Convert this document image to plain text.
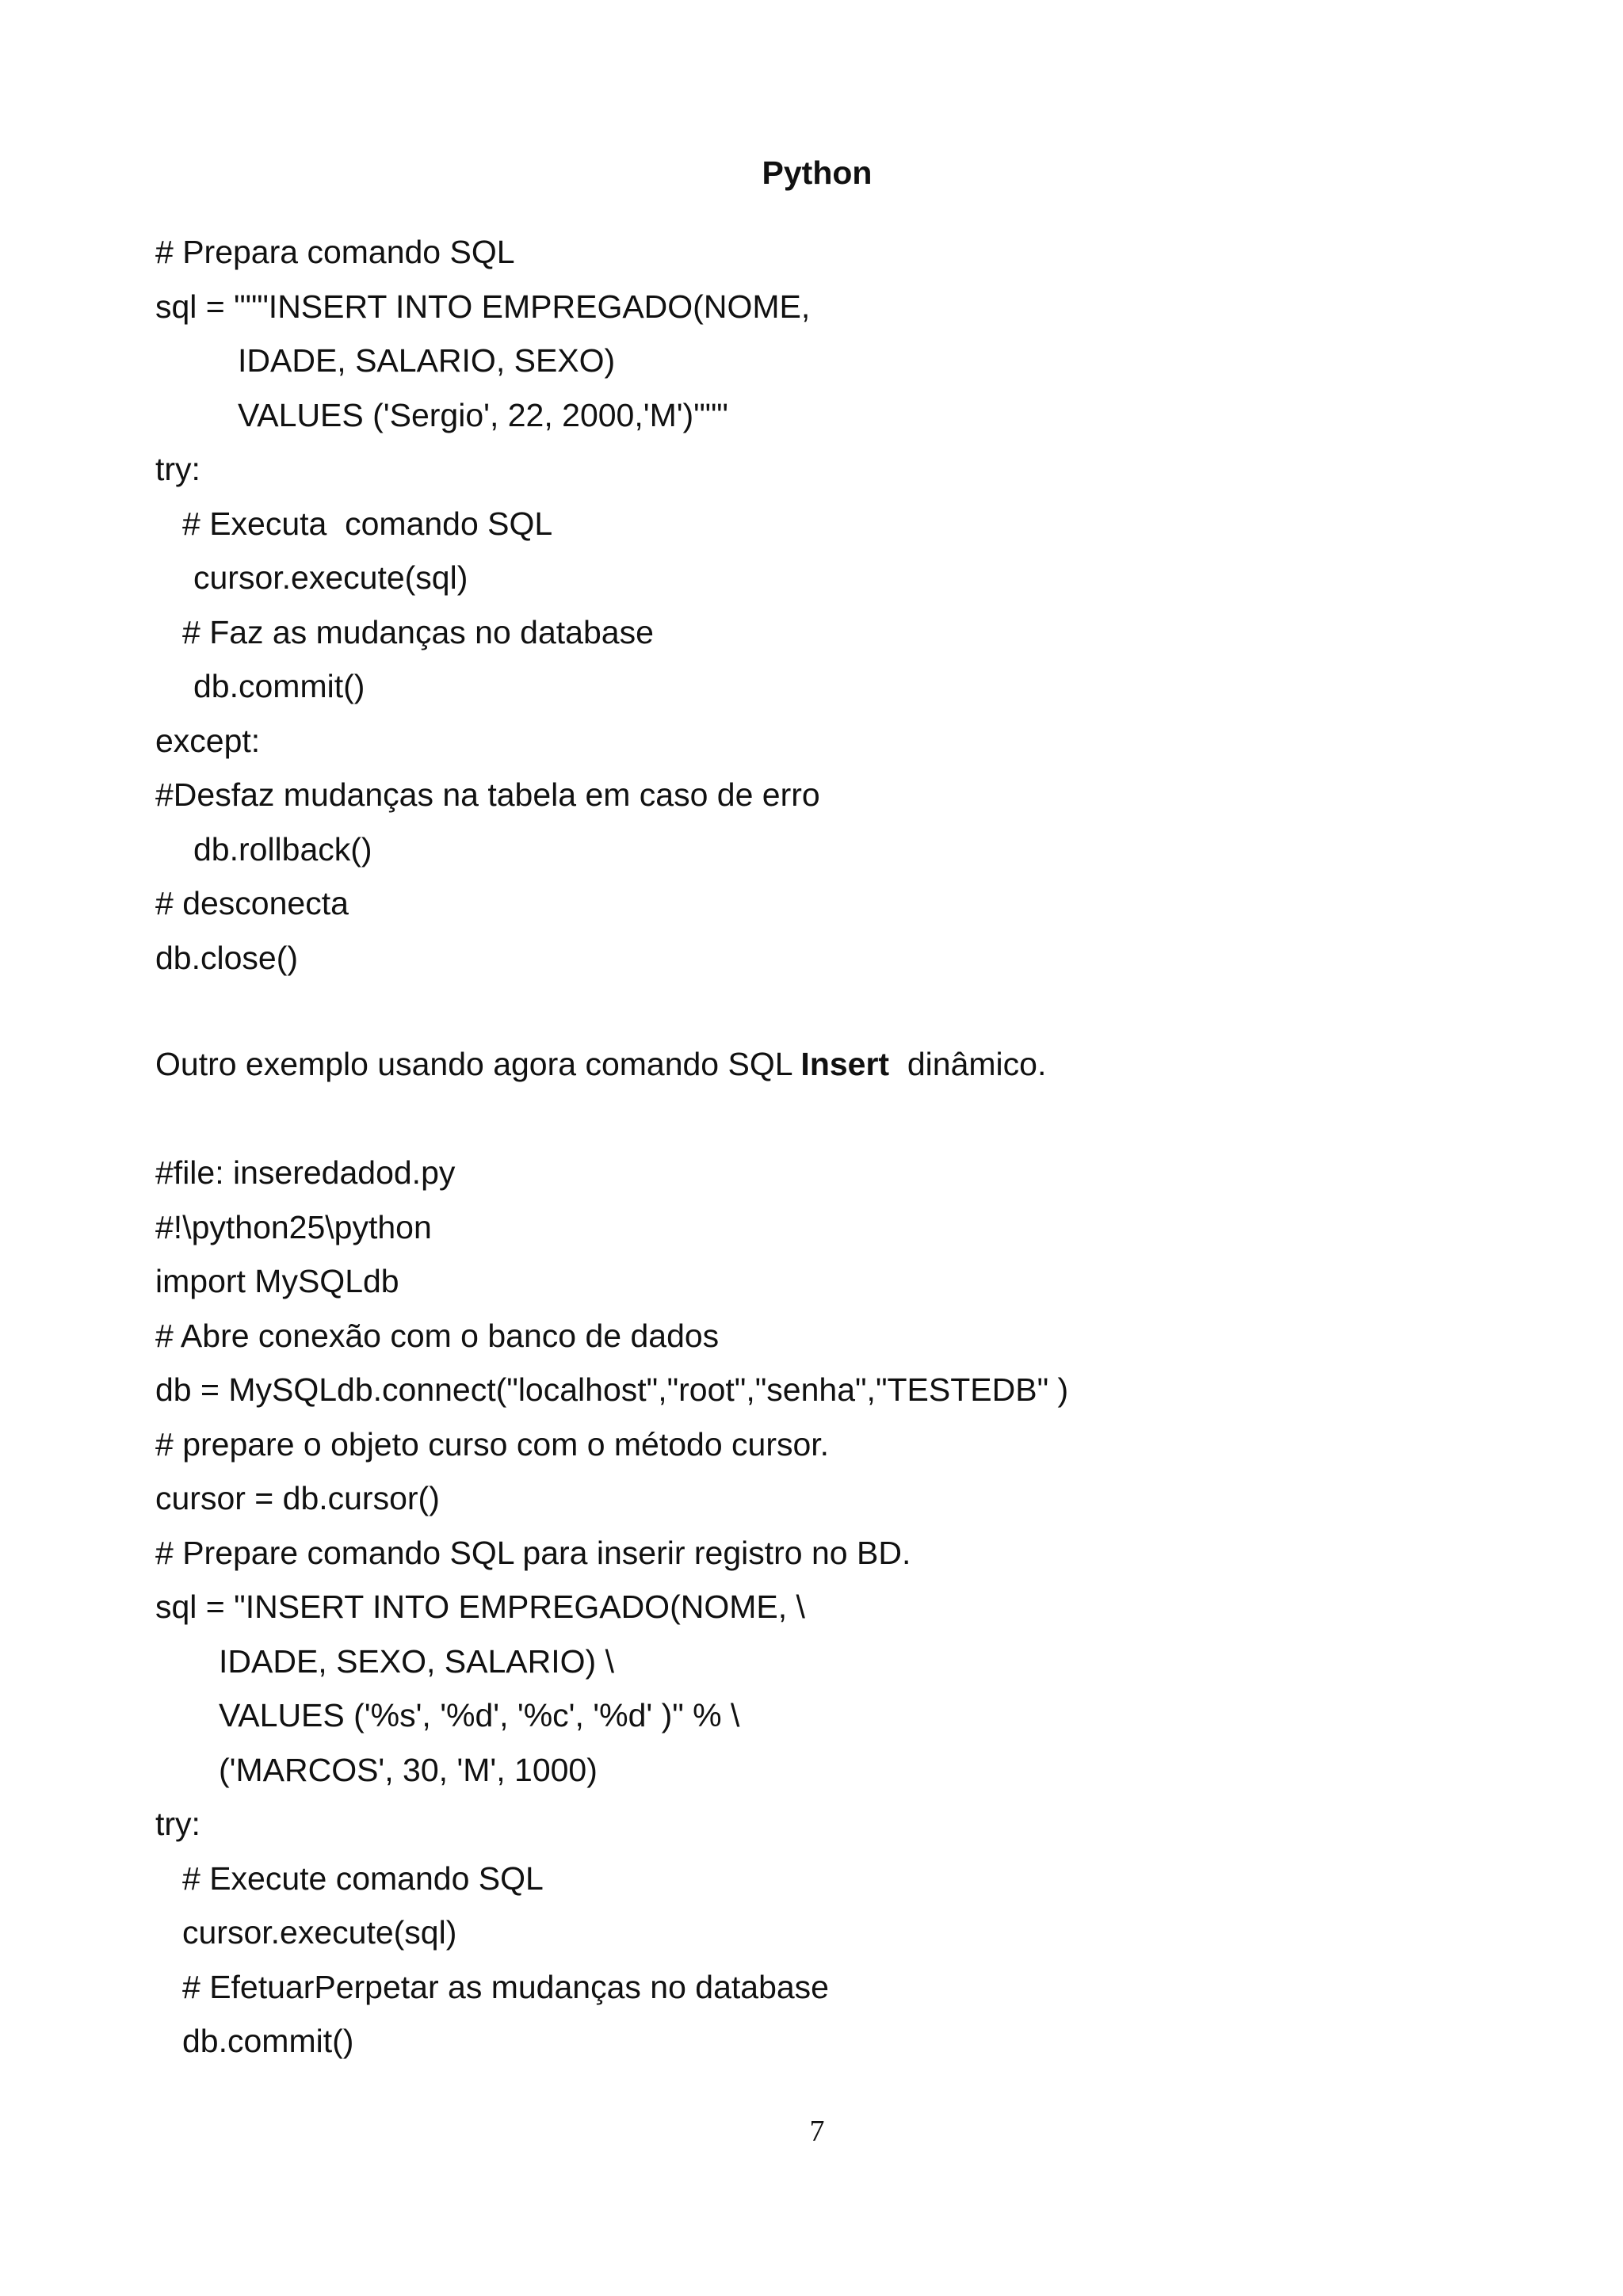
Python
# Prepara comando SQL
sql = """INSERT INTO EMPREGADO(NOME,
IDADE, SALARIO, SEXO)
VALUES ('Sergio', 22, 2000,'M')"""
try:
# Executa  comando SQL
cursor.execute(sql)
# Faz as mudanças no database
db.commit()
except:
#Desfaz mudanças na tabela em caso de erro
db.rollback()
# desconecta
db.close()
Outro exemplo usando agora comando SQL Insert  dinâmico.
#file: inseredadod.py
#!\python25\python
import MySQLdb
# Abre conexão com o banco de dados
db = MySQLdb.connect("localhost","root","senha","TESTEDB" )
# prepare o objeto curso com o método cursor.
cursor = db.cursor()
# Prepare comando SQL para inserir registro no BD.
sql = "INSERT INTO EMPREGADO(NOME, \
IDADE, SEXO, SALARIO) \
VALUES ('%s', '%d', '%c', '%d' )" % \
('MARCOS', 30, 'M', 1000)
try:
# Execute comando SQL
cursor.execute(sql)
# EfetuarPerpetar as mudanças no database
db.commit()
7
